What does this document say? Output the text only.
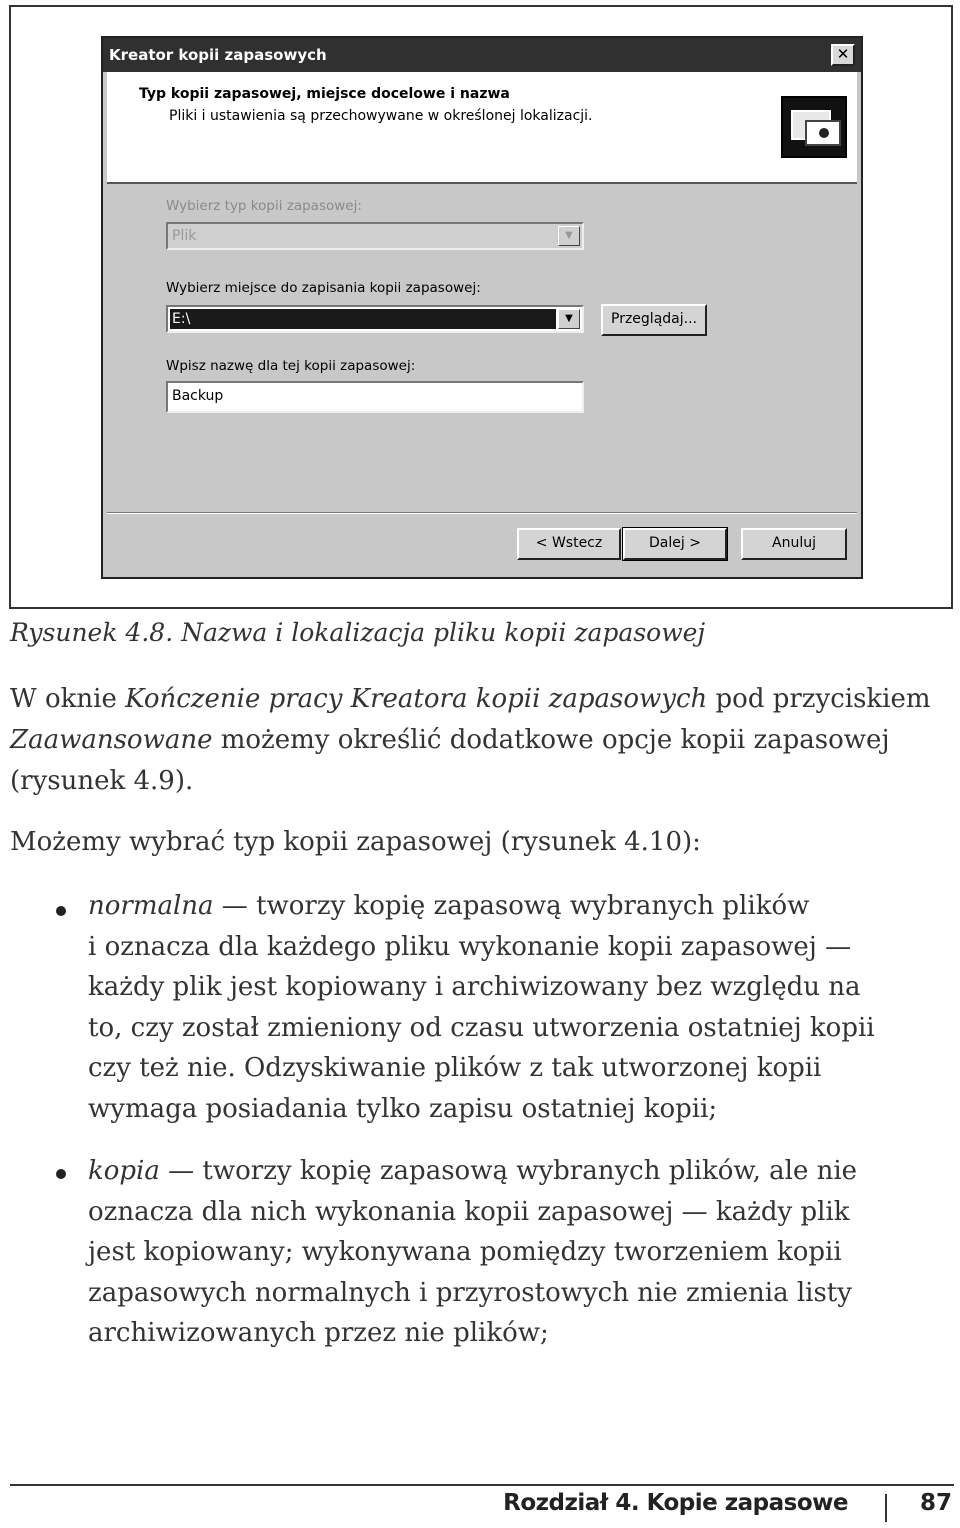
Kreator kopii zapasowych	✕
Typ kopii zapasowej, miejsce docelowe i nazwa
Pliki i ustawienia są przechowywane w określonej lokalizacji.
Wybierz typ kopii zapasowej:
Plik	▼
Wybierz miejsce do zapisania kopii zapasowej:
E:\	▼	Przeglądaj...
Wpisz nazwę dla tej kopii zapasowej:
Backup
< Wstecz	Dalej >	Anuluj
Rysunek 4.8. Nazwa i lokalizacja pliku kopii zapasowej
W oknie Kończenie pracy Kreatora kopii zapasowych pod przyciskiem
Zaawansowane możemy określić dodatkowe opcje kopii zapasowej
(rysunek 4.9).
Możemy wybrać typ kopii zapasowej (rysunek 4.10):
normalna — tworzy kopię zapasową wybranych plików
i oznacza dla każdego pliku wykonanie kopii zapasowej —
każdy plik jest kopiowany i archiwizowany bez względu na
to, czy został zmieniony od czasu utworzenia ostatniej kopii
czy też nie. Odzyskiwanie plików z tak utworzonej kopii
wymaga posiadania tylko zapisu ostatniej kopii;
kopia — tworzy kopię zapasową wybranych plików, ale nie
oznacza dla nich wykonania kopii zapasowej — każdy plik
jest kopiowany; wykonywana pomiędzy tworzeniem kopii
zapasowych normalnych i przyrostowych nie zmienia listy
archiwizowanych przez nie plików;
Rozdział 4. Kopie zapasowe	87
